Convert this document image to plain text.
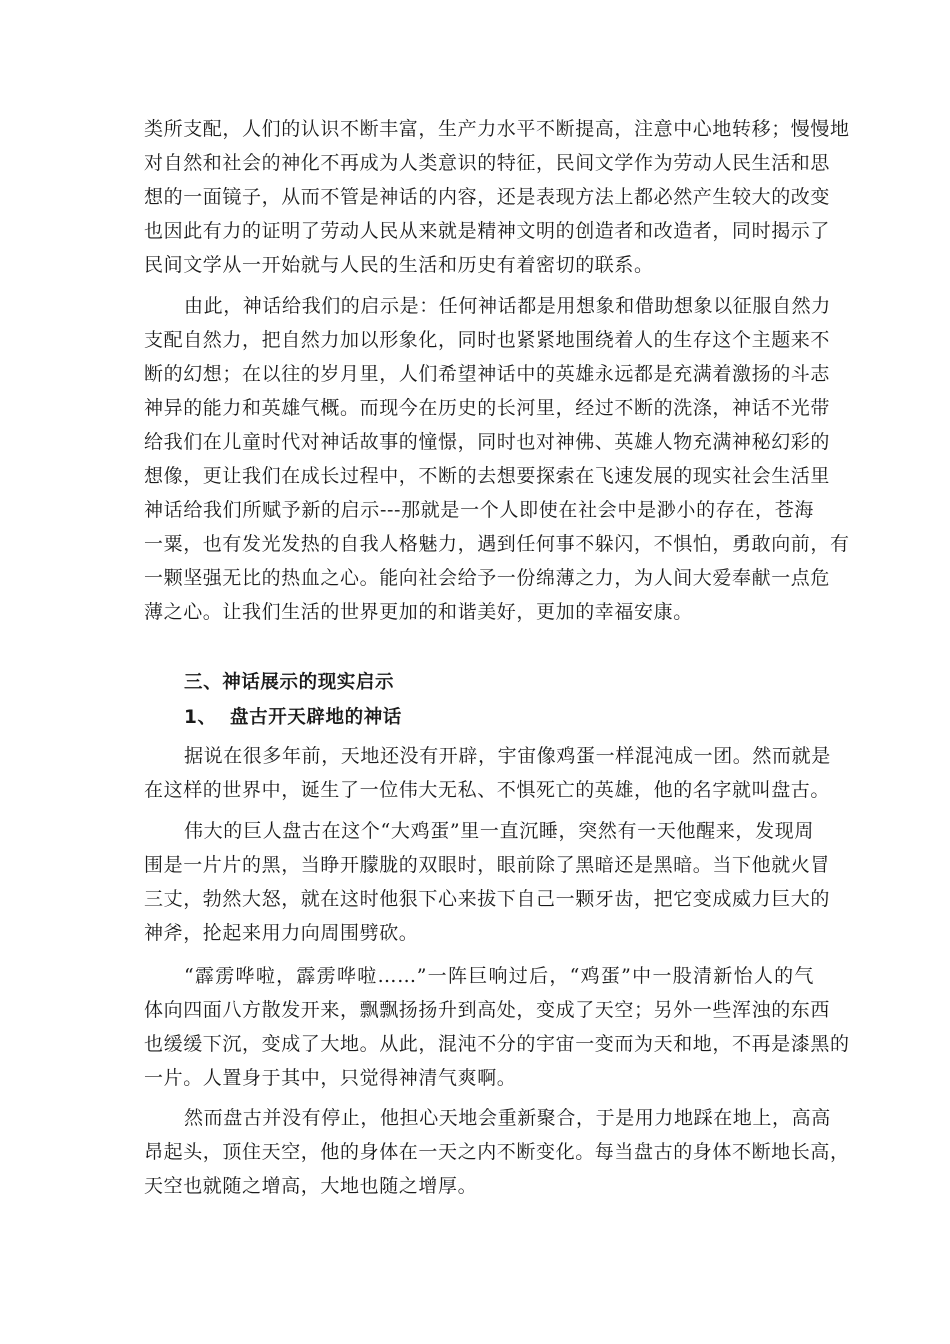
类所支配，人们的认识不断丰富，生产力水平不断提高，注意中心地转移；慢慢地
对自然和社会的神化不再成为人类意识的特征，民间文学作为劳动人民生活和思
想的一面镜子，从而不管是神话的内容，还是表现方法上都必然产生较大的改变
也因此有力的证明了劳动人民从来就是精神文明的创造者和改造者，同时揭示了
民间文学从一开始就与人民的生活和历史有着密切的联系。
由此，神话给我们的启示是：任何神话都是用想象和借助想象以征服自然力
支配自然力，把自然力加以形象化，同时也紧紧地围绕着人的生存这个主题来不
断的幻想；在以往的岁月里，人们希望神话中的英雄永远都是充满着激扬的斗志
神异的能力和英雄气概。而现今在历史的长河里，经过不断的洗涤，神话不光带
给我们在儿童时代对神话故事的憧憬，同时也对神佛、英雄人物充满神秘幻彩的
想像，更让我们在成长过程中，不断的去想要探索在飞速发展的现实社会生活里
神话给我们所赋予新的启示---那就是一个人即使在社会中是渺小的存在，苍海
一粟，也有发光发热的自我人格魅力，遇到任何事不躲闪，不惧怕，勇敢向前，有
一颗坚强无比的热血之心。能向社会给予一份绵薄之力，为人间大爱奉献一点危
薄之心。让我们生活的世界更加的和谐美好，更加的幸福安康。
三、神话展示的现实启示
1、 盘古开天辟地的神话
据说在很多年前，天地还没有开辟，宇宙像鸡蛋一样混沌成一团。然而就是
在这样的世界中，诞生了一位伟大无私、不惧死亡的英雄，他的名字就叫盘古。
伟大的巨人盘古在这个“大鸡蛋”里一直沉睡，突然有一天他醒来，发现周
围是一片片的黑，当睁开朦胧的双眼时，眼前除了黑暗还是黑暗。当下他就火冒
三丈，勃然大怒，就在这时他狠下心来拔下自己一颗牙齿，把它变成威力巨大的
神斧，抡起来用力向周围劈砍。
“霹雳哗啦，霹雳哗啦……”一阵巨响过后，“鸡蛋”中一股清新怡人的气
体向四面八方散发开来，飘飘扬扬升到高处，变成了天空；另外一些浑浊的东西
也缓缓下沉，变成了大地。从此，混沌不分的宇宙一变而为天和地，不再是漆黑的
一片。人置身于其中，只觉得神清气爽啊。
然而盘古并没有停止，他担心天地会重新聚合，于是用力地踩在地上，高高
昂起头，顶住天空，他的身体在一天之内不断变化。每当盘古的身体不断地长高，
天空也就随之增高，大地也随之增厚。
